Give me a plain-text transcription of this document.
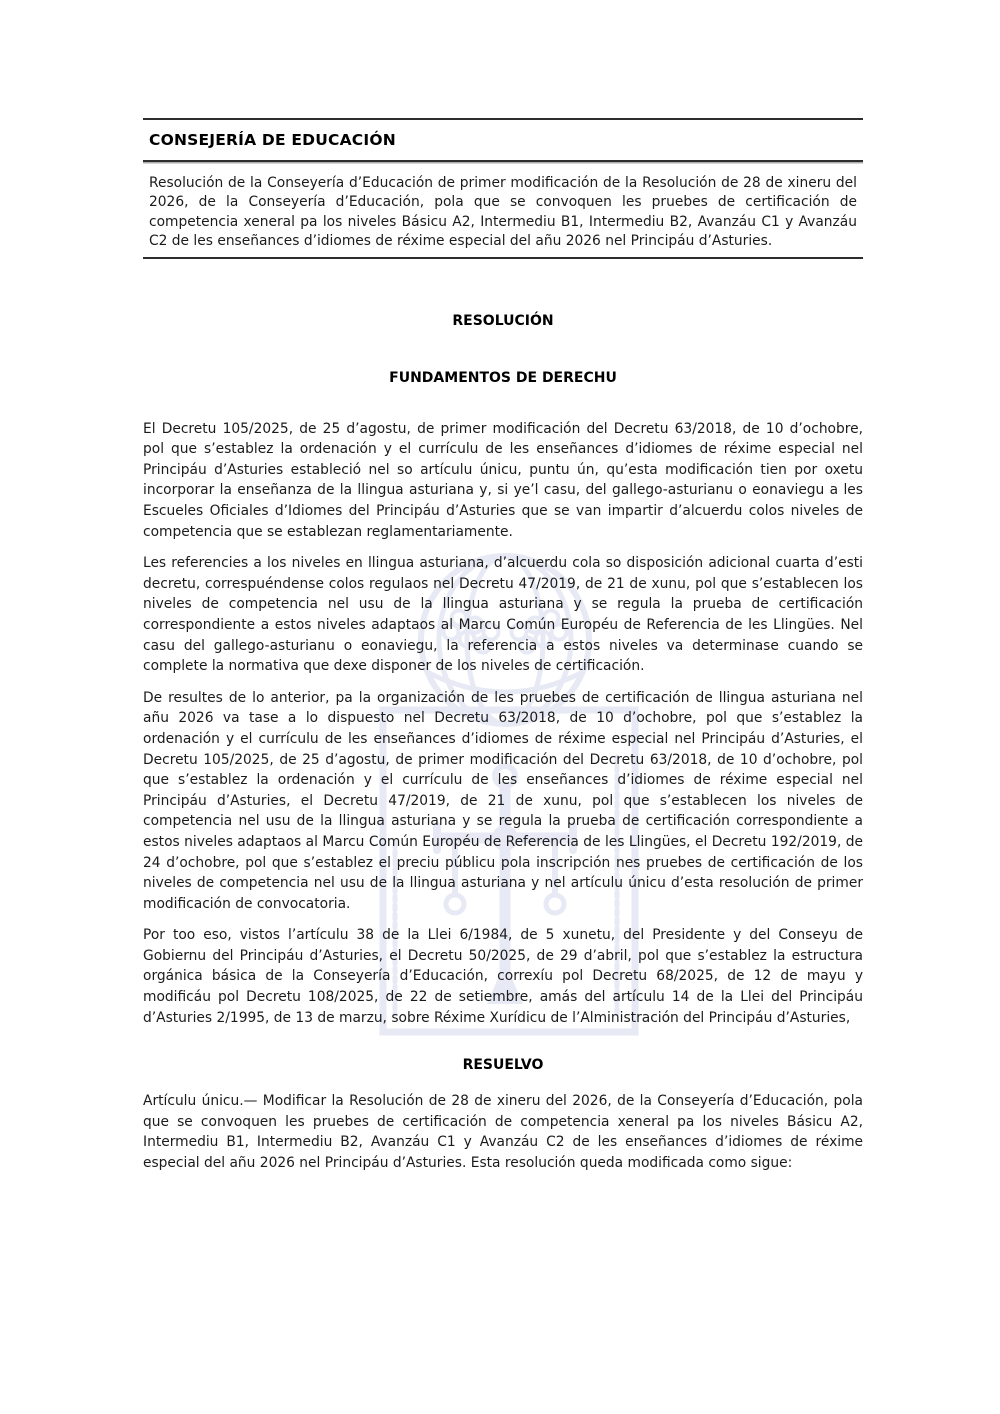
CONSEJERÍA DE EDUCACIÓN

Resolución de la Conseyería d’Educación de primer modificación de la Resolución de 28 de xineru del 2026, de la Conseyería d’Educación, pola que se convoquen les pruebes de certificación de competencia xeneral pa los niveles Básicu A2, Intermediu B1, Intermediu B2, Avanzáu C1 y Avanzáu C2 de les enseñances d’idiomes de réxime especial del añu 2026 nel Principáu d’Asturies.

RESOLUCIÓN
FUNDAMENTOS DE DERECHU

El Decretu 105/2025, de 25 d’agostu, de primer modificación del Decretu 63/2018, de 10 d’ochobre, pol que s’establez la ordenación y el currículu de les enseñances d’idiomes de réxime especial nel Principáu d’Asturies estableció nel so artículu únicu, puntu ún, qu’esta modificación tien por oxetu incorporar la enseñanza de la llingua asturiana y, si ye’l casu, del gallego-asturianu o eonaviegu a les Escueles Oficiales d’Idiomes del Principáu d’Asturies que se van impartir d’alcuerdu colos niveles de competencia que se establezan reglamentariamente.

Les referencies a los niveles en llingua asturiana, d’alcuerdu cola so disposición adicional cuarta d’esti decretu, correspuéndense colos regulaos nel Decretu 47/2019, de 21 de xunu, pol que s’establecen los niveles de competencia nel usu de la llingua asturiana y se regula la prueba de certificación correspondiente a estos niveles adaptaos al Marcu Común Européu de Referencia de les Llingües. Nel casu del gallego-asturianu o eonaviegu, la referencia a estos niveles va determinase cuando se complete la normativa que dexe disponer de los niveles de certificación.

De resultes de lo anterior, pa la organización de les pruebes de certificación de llingua asturiana nel añu 2026 va tase a lo dispuesto nel Decretu 63/2018, de 10 d’ochobre, pol que s’establez la ordenación y el currículu de les enseñances d’idiomes de réxime especial nel Principáu d’Asturies, el Decretu 105/2025, de 25 d’agostu, de primer modificación del Decretu 63/2018, de 10 d’ochobre, pol que s’establez la ordenación y el currículu de les enseñances d’idiomes de réxime especial nel Principáu d’Asturies, el Decretu 47/2019, de 21 de xunu, pol que s’establecen los niveles de competencia nel usu de la llingua asturiana y se regula la prueba de certificación correspondiente a estos niveles adaptaos al Marcu Común Européu de Referencia de les Llingües, el Decretu 192/2019, de 24 d’ochobre, pol que s’establez el preciu públicu pola inscripción nes pruebes de certificación de los niveles de competencia nel usu de la llingua asturiana y nel artículu únicu d’esta resolución de primer modificación de convocatoria.

Por too eso, vistos l’artículu 38 de la Llei 6/1984, de 5 xunetu, del Presidente y del Conseyu de Gobiernu del Principáu d’Asturies, el Decretu 50/2025, de 29 d’abril, pol que s’establez la estructura orgánica básica de la Conseyería d’Educación, correxíu pol Decretu 68/2025, de 12 de mayu y modificáu pol Decretu 108/2025, de 22 de setiembre, amás del artículu 14 de la Llei del Principáu d’Asturies 2/1995, de 13 de marzu, sobre Réxime Xurídicu de l’Alministración del Principáu d’Asturies,

RESUELVO

Artículu únicu.— Modificar la Resolución de 28 de xineru del 2026, de la Conseyería d’Educación, pola que se convoquen les pruebes de certificación de competencia xeneral pa los niveles Básicu A2, Intermediu B1, Intermediu B2, Avanzáu C1 y Avanzáu C2 de les enseñances d’idiomes de réxime especial del añu 2026 nel Principáu d’Asturies. Esta resolución queda modificada como sigue:
